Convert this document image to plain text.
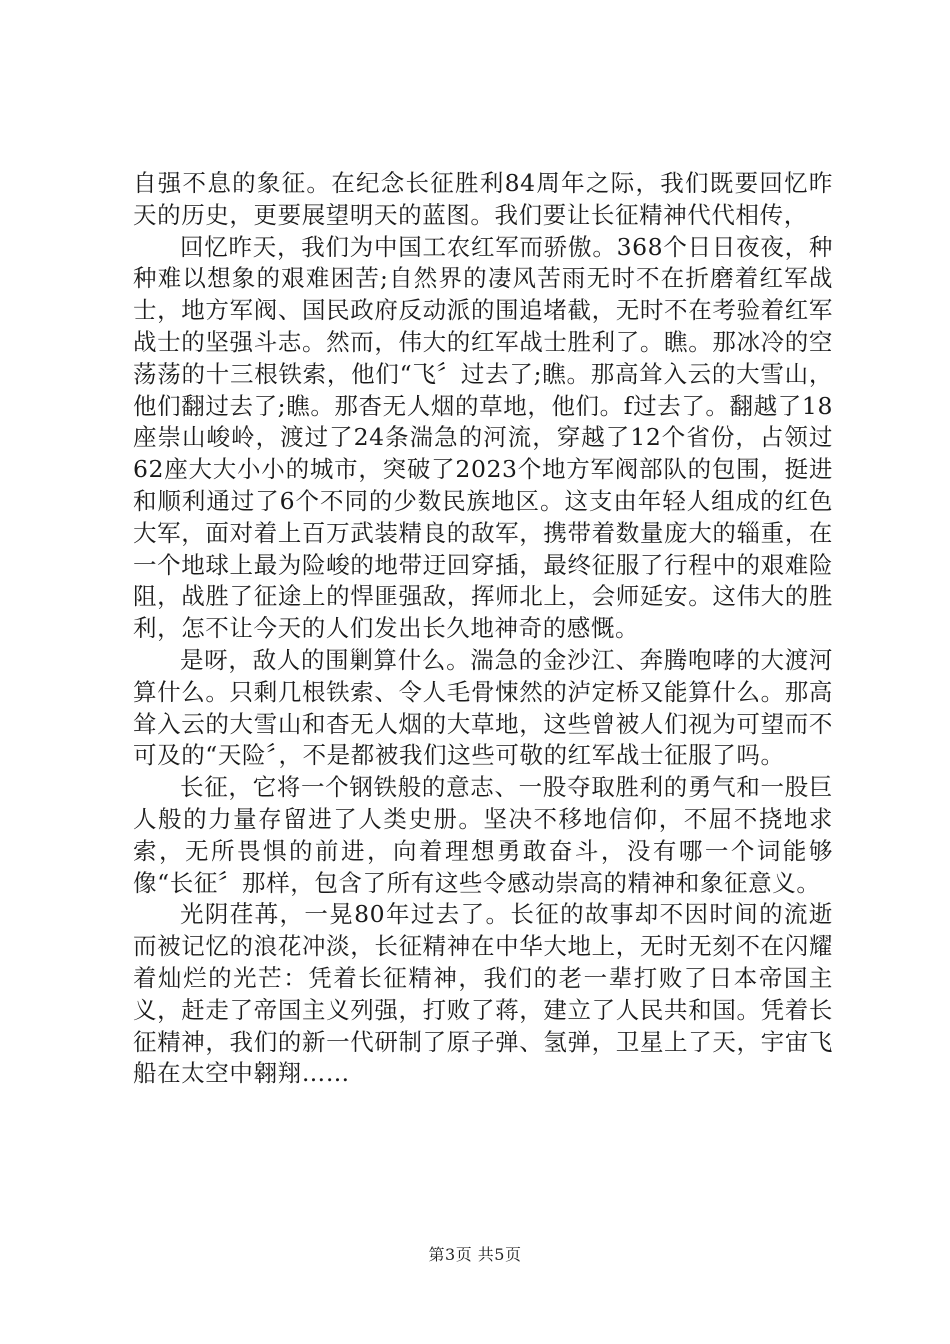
自强不息的象征。在纪念长征胜利84周年之际，我们既要回忆昨天的历史，更要展望明天的蓝图。我们要让长征精神代代相传，

回忆昨天，我们为中国工农红军而骄傲。368个日日夜夜，种种难以想象的艰难困苦;自然界的凄风苦雨无时不在折磨着红军战士，地方军阀、国民政府反动派的围追堵截，无时不在考验着红军战士的坚强斗志。然而，伟大的红军战士胜利了。瞧。那冰冷的空荡荡的十三根铁索，他们“飞〞过去了;瞧。那高耸入云的大雪山，他们翻过去了;瞧。那杳无人烟的草地，他们。f过去了。翻越了18座崇山峻岭，渡过了24条湍急的河流，穿越了12个省份，占领过62座大大小小的城市，突破了2023个地方军阀部队的包围，挺进和顺利通过了6个不同的少数民族地区。这支由年轻人组成的红色大军，面对着上百万武装精良的敌军，携带着数量庞大的辎重，在一个地球上最为险峻的地带迂回穿插，最终征服了行程中的艰难险阻，战胜了征途上的悍匪强敌，挥师北上，会师延安。这伟大的胜利，怎不让今天的人们发出长久地神奇的感慨。

是呀，敌人的围剿算什么。湍急的金沙江、奔腾咆哮的大渡河算什么。只剩几根铁索、令人毛骨悚然的泸定桥又能算什么。那高耸入云的大雪山和杳无人烟的大草地，这些曾被人们视为可望而不可及的“天险〞，不是都被我们这些可敬的红军战士征服了吗。

长征，它将一个钢铁般的意志、一股夺取胜利的勇气和一股巨人般的力量存留进了人类史册。坚决不移地信仰，不屈不挠地求索，无所畏惧的前进，向着理想勇敢奋斗，没有哪一个词能够像“长征〞那样，包含了所有这些令感动崇高的精神和象征意义。

光阴荏苒，一晃80年过去了。长征的故事却不因时间的流逝而被记忆的浪花冲淡，长征精神在中华大地上，无时无刻不在闪耀着灿烂的光芒：凭着长征精神，我们的老一辈打败了日本帝国主义，赶走了帝国主义列强，打败了蒋，建立了人民共和国。凭着长征精神，我们的新一代研制了原子弹、氢弹，卫星上了天，宇宙飞船在太空中翱翔……

第3页 共5页
